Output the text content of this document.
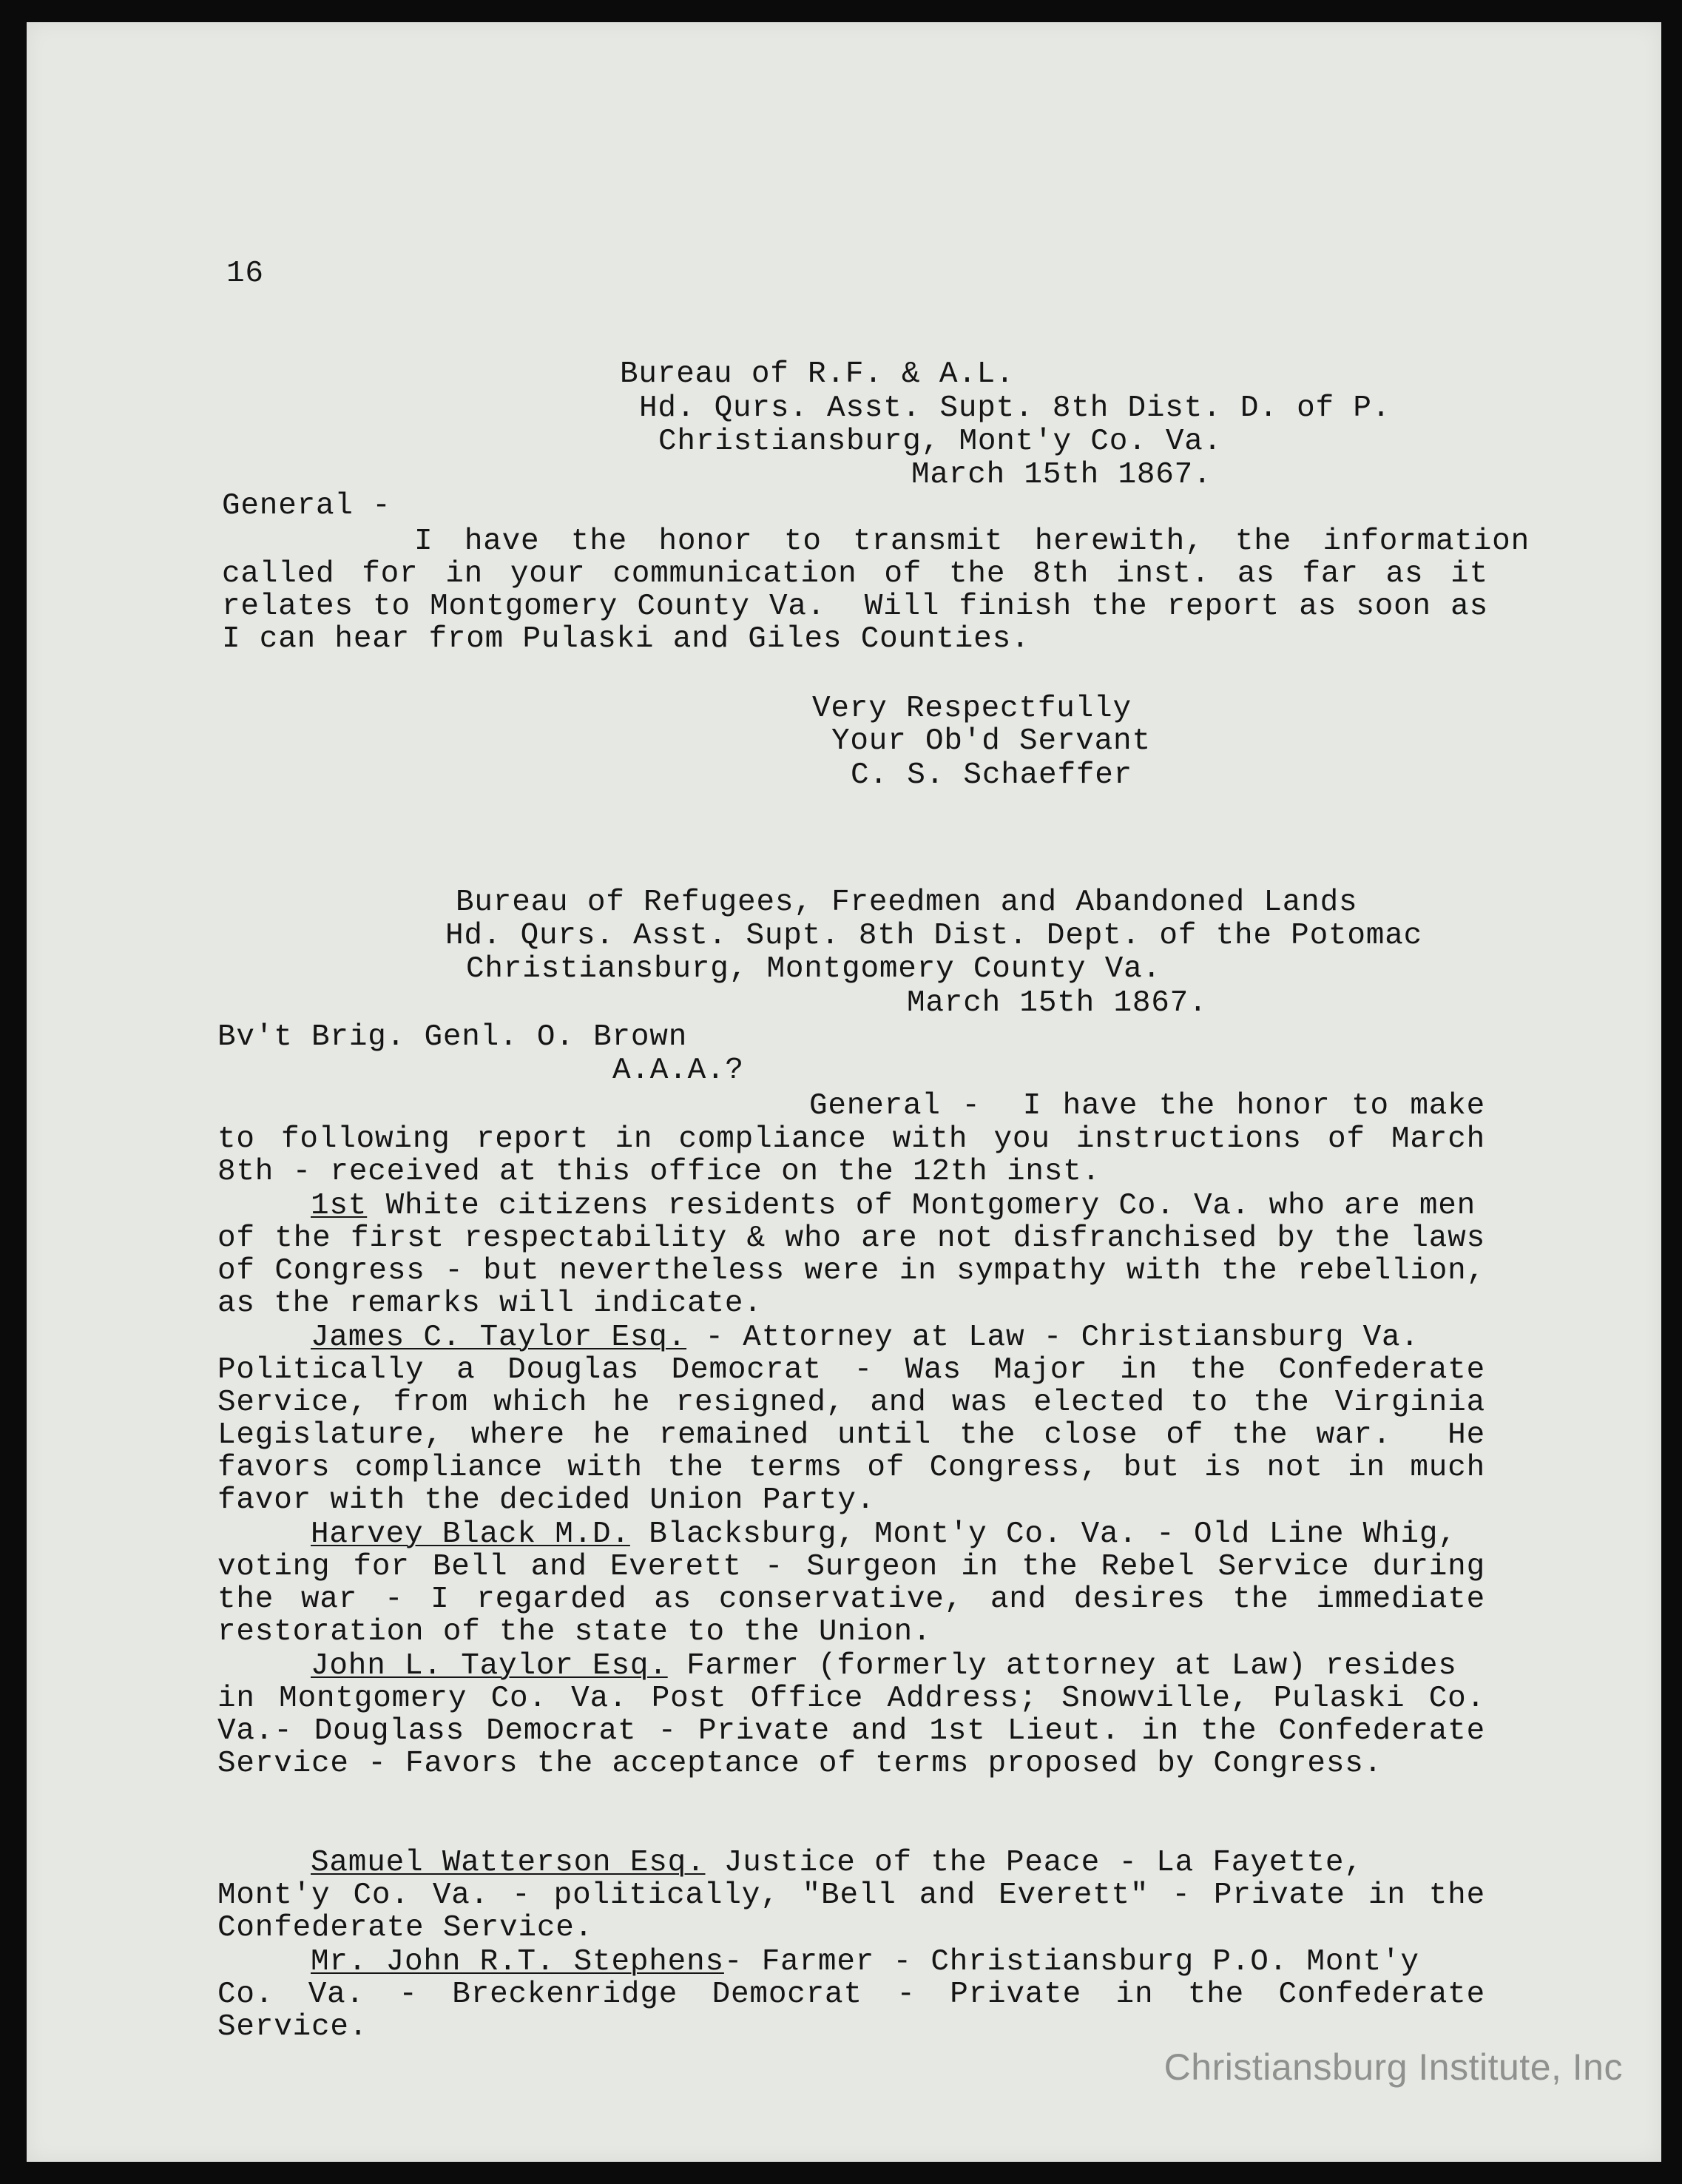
16
Bureau of R.F. & A.L.
Hd. Qurs. Asst. Supt. 8th Dist. D. of P.
Christiansburg, Mont'y Co. Va.
March 15th 1867.
General -
I have the honor to transmit herewith, the information
called for in your communication of the 8th inst. as far as it
relates to Montgomery County Va.  Will finish the report as soon as
I can hear from Pulaski and Giles Counties.
Very Respectfully
Your Ob'd Servant
C. S. Schaeffer
Bureau of Refugees, Freedmen and Abandoned Lands
Hd. Qurs. Asst. Supt. 8th Dist. Dept. of the Potomac
Christiansburg, Montgomery County Va.
March 15th 1867.
Bv't Brig. Genl. O. Brown
A.A.A.?
General -  I have the honor to make
to following report in compliance with you instructions of March
8th - received at this office on the 12th inst.
1st White citizens residents of Montgomery Co. Va. who are men
of the first respectability & who are not disfranchised by the laws
of Congress - but nevertheless were in sympathy with the rebellion,
as the remarks will indicate.
James C. Taylor Esq. - Attorney at Law - Christiansburg Va.
Politically a Douglas Democrat - Was Major in the Confederate
Service, from which he resigned, and was elected to the Virginia
Legislature, where he remained until the close of the war.  He
favors compliance with the terms of Congress, but is not in much
favor with the decided Union Party.
Harvey Black M.D. Blacksburg, Mont'y Co. Va. - Old Line Whig,
voting for Bell and Everett - Surgeon in the Rebel Service during
the war - I regarded as conservative, and desires the immediate
restoration of the state to the Union.
John L. Taylor Esq. Farmer (formerly attorney at Law) resides
in Montgomery Co. Va. Post Office Address; Snowville, Pulaski Co.
Va.- Douglass Democrat - Private and 1st Lieut. in the Confederate
Service - Favors the acceptance of terms proposed by Congress.
Samuel Watterson Esq. Justice of the Peace - La Fayette,
Mont'y Co. Va. - politically, "Bell and Everett" - Private in the
Confederate Service.
Mr. John R.T. Stephens- Farmer - Christiansburg P.O. Mont'y
Co. Va. - Breckenridge Democrat - Private in the Confederate
Service.
Christiansburg Institute, Inc
